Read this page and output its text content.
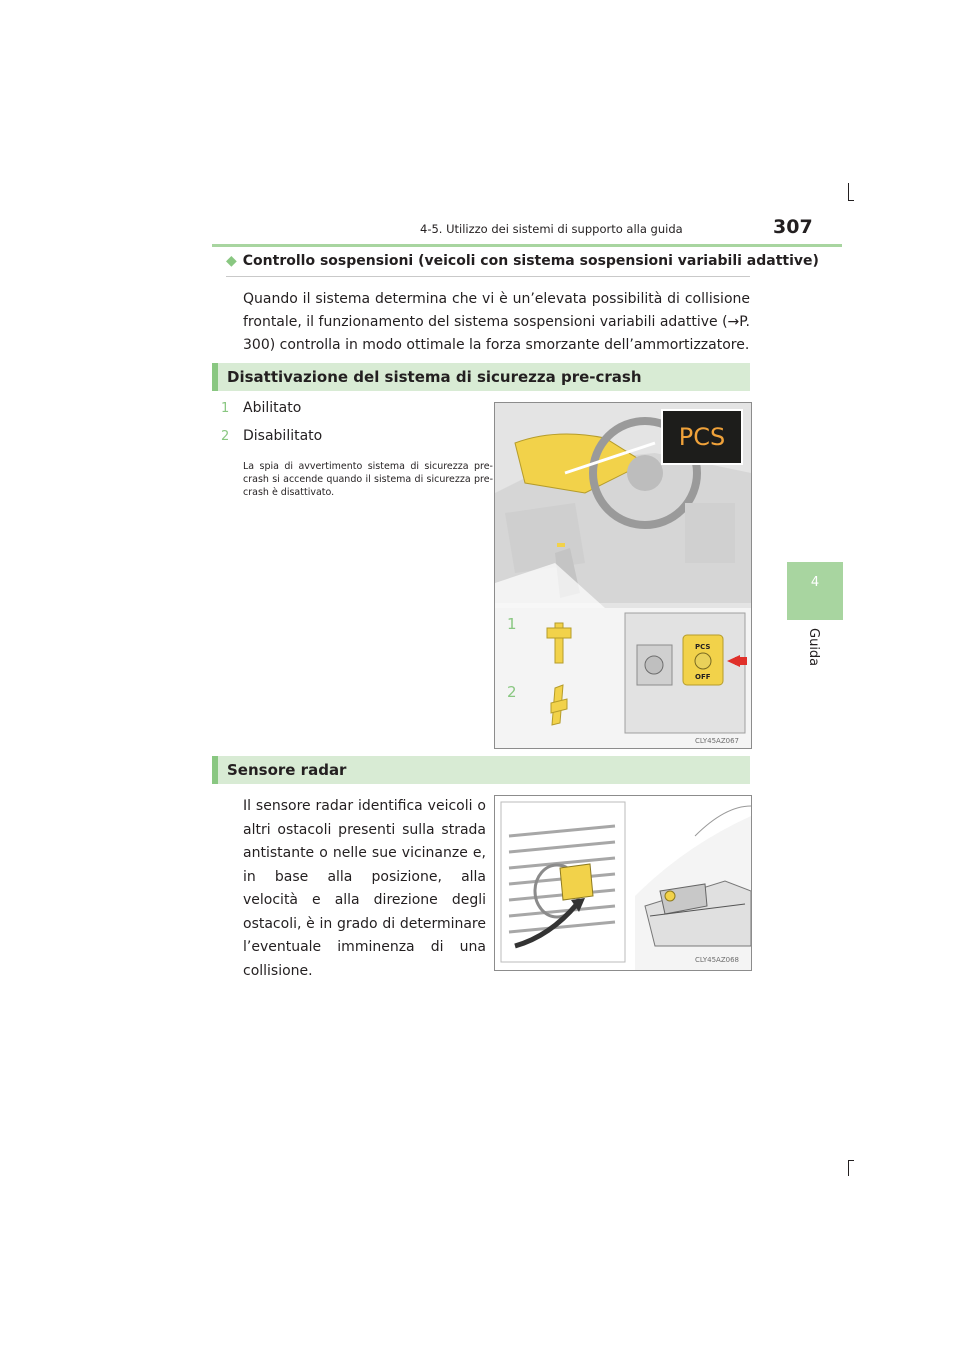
4-5. Utilizzo dei sistemi di supporto alla guida	307
4
Guida
◆ Controllo sospensioni (veicoli con sistema sospensioni variabili adattive)
Quando il sistema determina che vi è un’elevata possibilità di collisione frontale, il funzionamento del sistema sospensioni variabili adattive (→P. 300) controlla in modo ottimale la forza smorzante dell’ammortizzatore.
Disattivazione del sistema di sicurezza pre-crash
1 Abilitato
2 Disabilitato
La spia di avvertimento sistema di sicurezza pre-crash si accende quando il sistema di sicurezza pre-crash è disattivato.
PCS
PCS
OFF
1
2
CLY45AZ067
Sensore radar
Il sensore radar identifica veicoli o altri ostacoli presenti sulla strada antistante o nelle sue vicinanze e, in base alla posizione, alla velocità e alla direzione degli ostacoli, è in grado di determinare l’eventuale imminenza di una collisione.
CLY45AZ068
